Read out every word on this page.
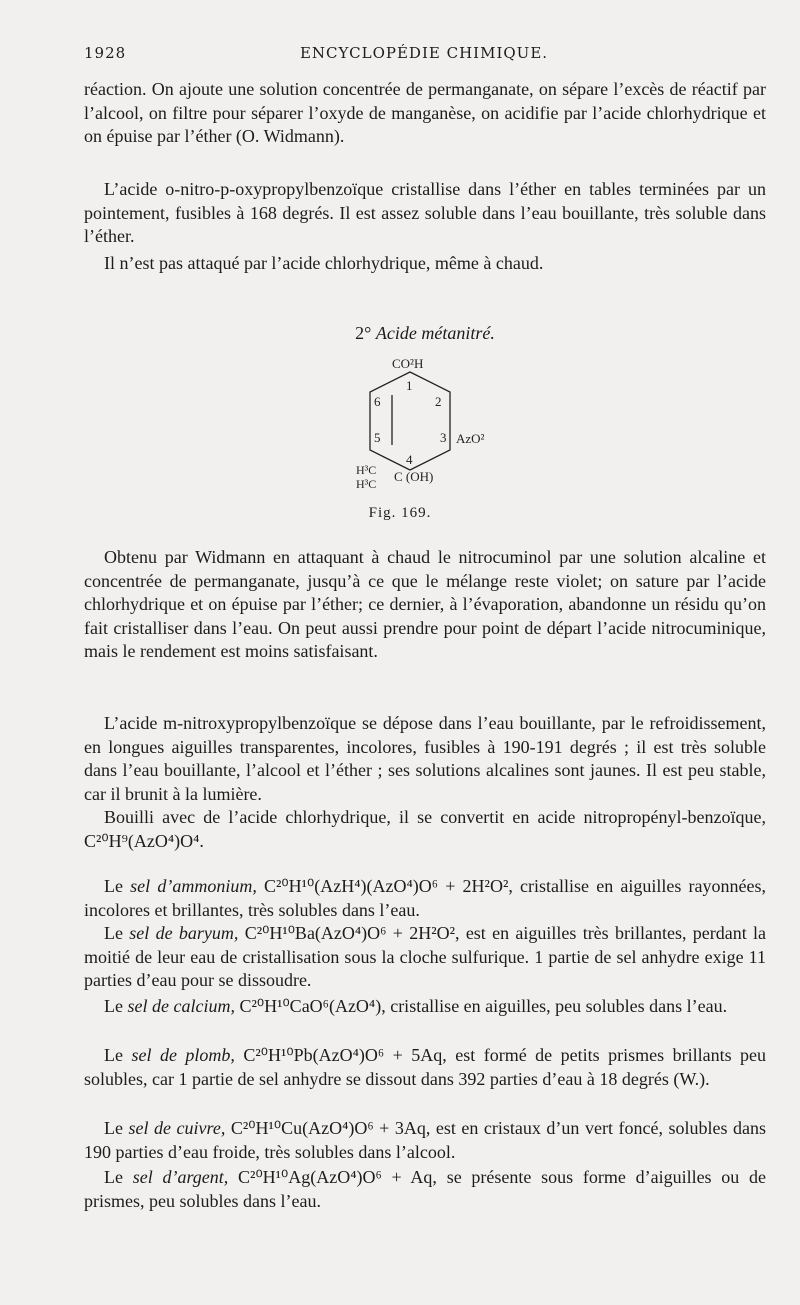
1928	ENCYCLOPÉDIE CHIMIQUE.
réaction. On ajoute une solution concentrée de permanganate, on sépare l’excès de réactif par l’alcool, on filtre pour séparer l’oxyde de manganèse, on acidifie par l’acide chlorhydrique et on épuise par l’éther (O. Widmann).
L’acide o-nitro-p-oxypropylbenzoïque cristallise dans l’éther en tables terminées par un pointement, fusibles à 168 degrés. Il est assez soluble dans l’eau bouillante, très soluble dans l’éther.
Il n’est pas attaqué par l’acide chlorhydrique, même à chaud.
2° Acide métanitré.
CO²H
1
2
3 AzO²
4
5
6
H³C
H³C C (OH)
Fig. 169.
Obtenu par Widmann en attaquant à chaud le nitrocuminol par une solution alcaline et concentrée de permanganate, jusqu’à ce que le mélange reste violet; on sature par l’acide chlorhydrique et on épuise par l’éther; ce dernier, à l’évaporation, abandonne un résidu qu’on fait cristalliser dans l’eau. On peut aussi prendre pour point de départ l’acide nitrocuminique, mais le rendement est moins satisfaisant.
L’acide m-nitroxypropylbenzoïque se dépose dans l’eau bouillante, par le refroidissement, en longues aiguilles transparentes, incolores, fusibles à 190-191 degrés ; il est très soluble dans l’eau bouillante, l’alcool et l’éther ; ses solutions alcalines sont jaunes. Il est peu stable, car il brunit à la lumière.
Bouilli avec de l’acide chlorhydrique, il se convertit en acide nitropropényl-benzoïque, C²⁰H⁹(AzO⁴)O⁴.
Le sel d’ammonium, C²⁰H¹⁰(AzH⁴)(AzO⁴)O⁶ + 2H²O², cristallise en aiguilles rayonnées, incolores et brillantes, très solubles dans l’eau.
Le sel de baryum, C²⁰H¹⁰Ba(AzO⁴)O⁶ + 2H²O², est en aiguilles très brillantes, perdant la moitié de leur eau de cristallisation sous la cloche sulfurique. 1 partie de sel anhydre exige 11 parties d’eau pour se dissoudre.
Le sel de calcium, C²⁰H¹⁰CaO⁶(AzO⁴), cristallise en aiguilles, peu solubles dans l’eau.
Le sel de plomb, C²⁰H¹⁰Pb(AzO⁴)O⁶ + 5Aq, est formé de petits prismes brillants peu solubles, car 1 partie de sel anhydre se dissout dans 392 parties d’eau à 18 degrés (W.).
Le sel de cuivre, C²⁰H¹⁰Cu(AzO⁴)O⁶ + 3Aq, est en cristaux d’un vert foncé, solubles dans 190 parties d’eau froide, très solubles dans l’alcool.
Le sel d’argent, C²⁰H¹⁰Ag(AzO⁴)O⁶ + Aq, se présente sous forme d’aiguilles ou de prismes, peu solubles dans l’eau.
